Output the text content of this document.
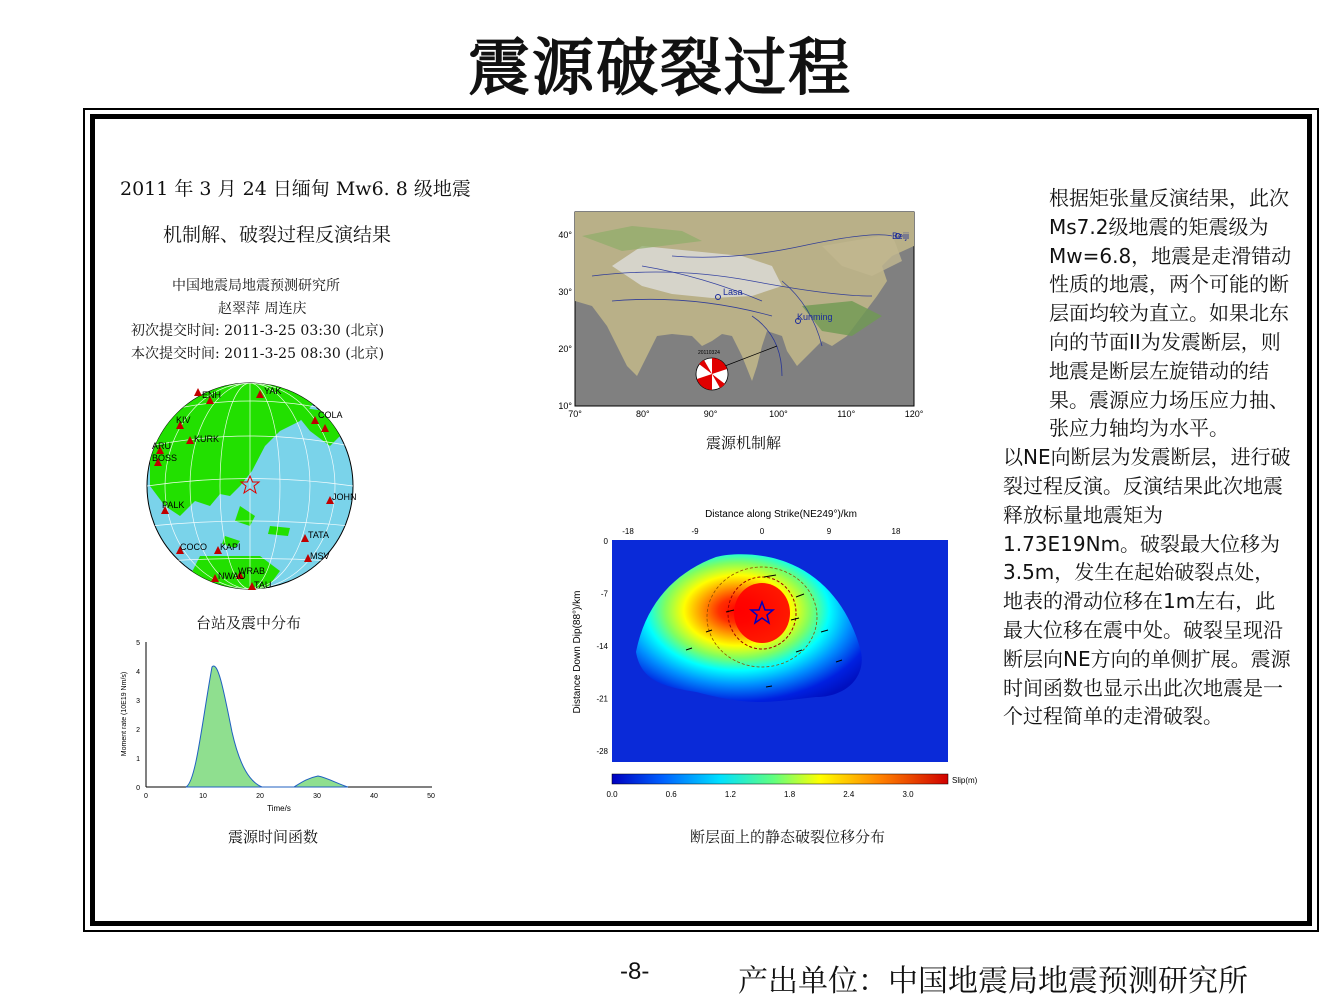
震源破裂过程
2011 年 3 月 24 日缅甸 Mw6. 8 级地震
机制解、破裂过程反演结果
中国地震局地震预测研究所
赵翠萍 周连庆
初次提交时间: 2011-3-25 03:30 (北京)
本次提交时间: 2011-3-25 08:30 (北京)
ENH	YAK
COLA
KIV
KURK
ARU
BOSS
JOHN
PALK
TATA
COCO KAPI
MSV
WRAB
NWAO
TAU
台站及震中分布
0	10	20	30	40	50
0
1
2
3
4
5
Time/s
Moment rate (10E19 Nm/s)
震源时间函数
Beiji
Lasa
Kunming
20110324
70°	80°	90°	100°	110°	120°
10°
20°
30°
40°
震源机制解
-18	-9	0	9	18
0
-7
-14
-21
-28
Distance along Strike(NE249°)/km
Distance Down Dip(88°)/km
Slip(m)
0.0	0.6	1.2	1.8	2.4	3.0
断层面上的静态破裂位移分布

根据矩张量反演结果，此次Ms7.2级地震的矩震级为Mw=6.8，地震是走滑错动性质的地震，两个可能的断层面均较为直立。如果北东向的节面II为发震断层，则地震是断层左旋错动的结果。震源应力场压应力抽、张应力轴均为水平。

以NE向断层为发震断层，进行破裂过程反演。反演结果此次地震释放标量地震矩为1.73E19Nm。破裂最大位移为3.5m，发生在起始破裂点处，地表的滑动位移在1m左右，此最大位移在震中处。破裂呈现沿断层向NE方向的单侧扩展。震源时间函数也显示出此次地震是一个过程简单的走滑破裂。

-8-	产出单位：中国地震局地震预测研究所
